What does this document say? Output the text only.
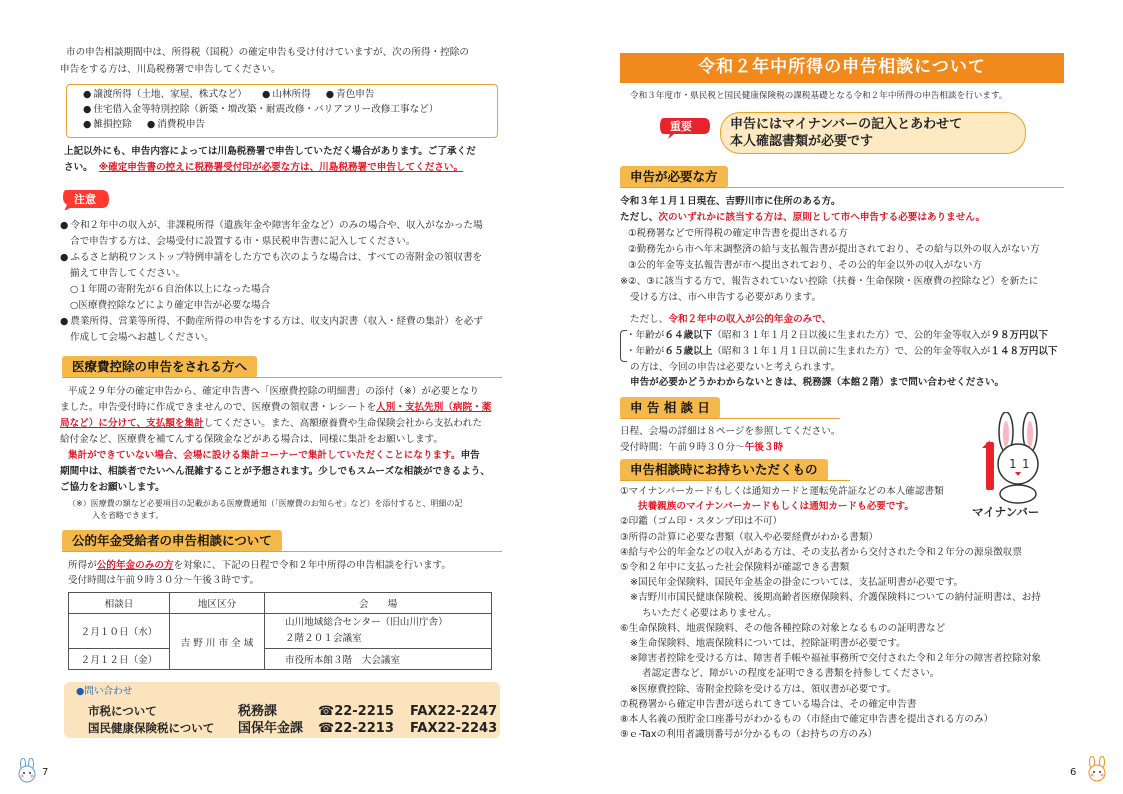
市の申告相談期間中は、所得税（国税）の確定申告も受け付けていますが、次の所得・控除の
申告をする方は、川島税務署で申告してください。
● 譲渡所得（土地、家屋、株式など）	● 山林所得	● 青色申告
● 住宅借入金等特別控除（新築・増改築・耐震改修・バリアフリー改修工事など）
● 雑損控除	● 消費税申告
上記以外にも、申告内容によっては川島税務署で申告していただく場合があります。ご了承くだ
さい。 ※確定申告書の控えに税務署受付印が必要な方は、川島税務署で申告してください。
注意
● 令和２年中の収入が、非課税所得（遺族年金や障害年金など）のみの場合や、収入がなかった場
合で申告する方は、会場受付に設置する市・県民税申告書に記入してください。
● ふるさと納税ワンストップ特例申請をした方でも次のような場合は、すべての寄附金の領収書を
揃えて申告してください。
○１年間の寄附先が６自治体以上になった場合
○医療費控除などにより確定申告が必要な場合
● 農業所得、営業等所得、不動産所得の申告をする方は、収支内訳書（収入・経費の集計）を必ず
作成して会場へお越しください。
医療費控除の申告をされる方へ
平成２９年分の確定申告から、確定申告書へ「医療費控除の明細書」の添付（※）が必要となり
ました。申告受付時に作成できませんので、医療費の領収書・レシートを人別・支払先別（病院・薬
局など）に分けて、支払額を集計してください。また、高額療養費や生命保険会社から支払われた
給付金など、医療費を補てんする保険金などがある場合は、同様に集計をお願いします。
集計ができていない場合、会場に設ける集計コーナーで集計していただくことになります。申告
期間中は、相談者でたいへん混雑することが予想されます。少しでもスムーズな相談ができるよう、
ご協力をお願いします。
（※）医療費の額など必要項目の記載がある医療費通知（「医療費のお知らせ」など）を添付すると、明細の記
入を省略できます。
公的年金受給者の申告相談について
所得が公的年金のみの方を対象に、下記の日程で令和２年中所得の申告相談を行います。
受付時間は午前９時３０分〜午後３時です。
相談日	地区区分	会　　場
２月１０日（水）	吉 野 川 市 全 域	山川地域総合センター（旧山川庁舎）
２階２０１会議室

２月１２日（金）		市役所本館３階　大会議室
●問い合わせ
市税について	税務課	☎22-2215 FAX22-2247
国民健康保険税について 国保年金課 ☎22-2213 FAX22-2243
7
令和２年中所得の申告相談について
令和３年度市・県民税と国民健康保険税の課税基礎となる令和２年中所得の申告相談を行います。
重要	申告にはマイナンバーの記入とあわせて
本人確認書類が必要です
申告が必要な方
令和３年１月１日現在、吉野川市に住所のある方。
ただし、次のいずれかに該当する方は、原則として市へ申告する必要はありません。
①税務署などで所得税の確定申告書を提出される方
②勤務先から市へ年末調整済の給与支払報告書が提出されており、その給与以外の収入がない方
③公的年金等支払報告書が市へ提出されており、その公的年金以外の収入がない方
※②、③に該当する方で、報告されていない控除（扶養・生命保険・医療費の控除など）を新たに
受ける方は、市へ申告する必要があります。
ただし、令和２年中の収入が公的年金のみで、
・年齢が６４歳以下（昭和３１年１月２日以後に生まれた方）で、公的年金等収入が９８万円以下
・年齢が６５歳以上（昭和３１年１月１日以前に生まれた方）で、公的年金等収入が１４８万円以下
の方は、今回の申告は必要ないと考えられます。
申告が必要かどうかわからないときは、税務課（本館２階）まで問い合わせください。
申 告 相 談 日
日程、会場の詳細は８ページを参照してください。
受付時間：午前９時３０分〜午後３時
申告相談時にお持ちいただくもの
①マイナンバーカードもしくは通知カードと運転免許証などの本人確認書類
扶養親族のマイナンバーカードもしくは通知カードも必要です。
②印鑑（ゴム印・スタンプ印は不可）
③所得の計算に必要な書類（収入や必要経費がわかる書類）
④給与や公的年金などの収入がある方は、その支払者から交付された令和２年分の源泉徴収票
⑤令和２年中に支払った社会保険料が確認できる書類
※国民年金保険料、国民年金基金の掛金については、支払証明書が必要です。
※吉野川市国民健康保険税、後期高齢者医療保険料、介護保険料についての納付証明書は、お持
ちいただく必要はありません。
⑥生命保険料、地震保険料、その他各種控除の対象となるものの証明書など
※生命保険料、地震保険料については、控除証明書が必要です。
※障害者控除を受ける方は、障害者手帳や福祉事務所で交付された令和２年分の障害者控除対象
者認定書など、障がいの程度を証明できる書類を持参してください。
※医療費控除、寄附金控除を受ける方は、領収書が必要です。
⑦税務署から確定申告書が送られてきている場合は、その確定申告書
⑧本人名義の預貯金口座番号がわかるもの（市経由で確定申告書を提出される方のみ）
⑨ｅ-Taxの利用者識別番号が分かるもの（お持ちの方のみ）
1 1
マイナンバー
6
